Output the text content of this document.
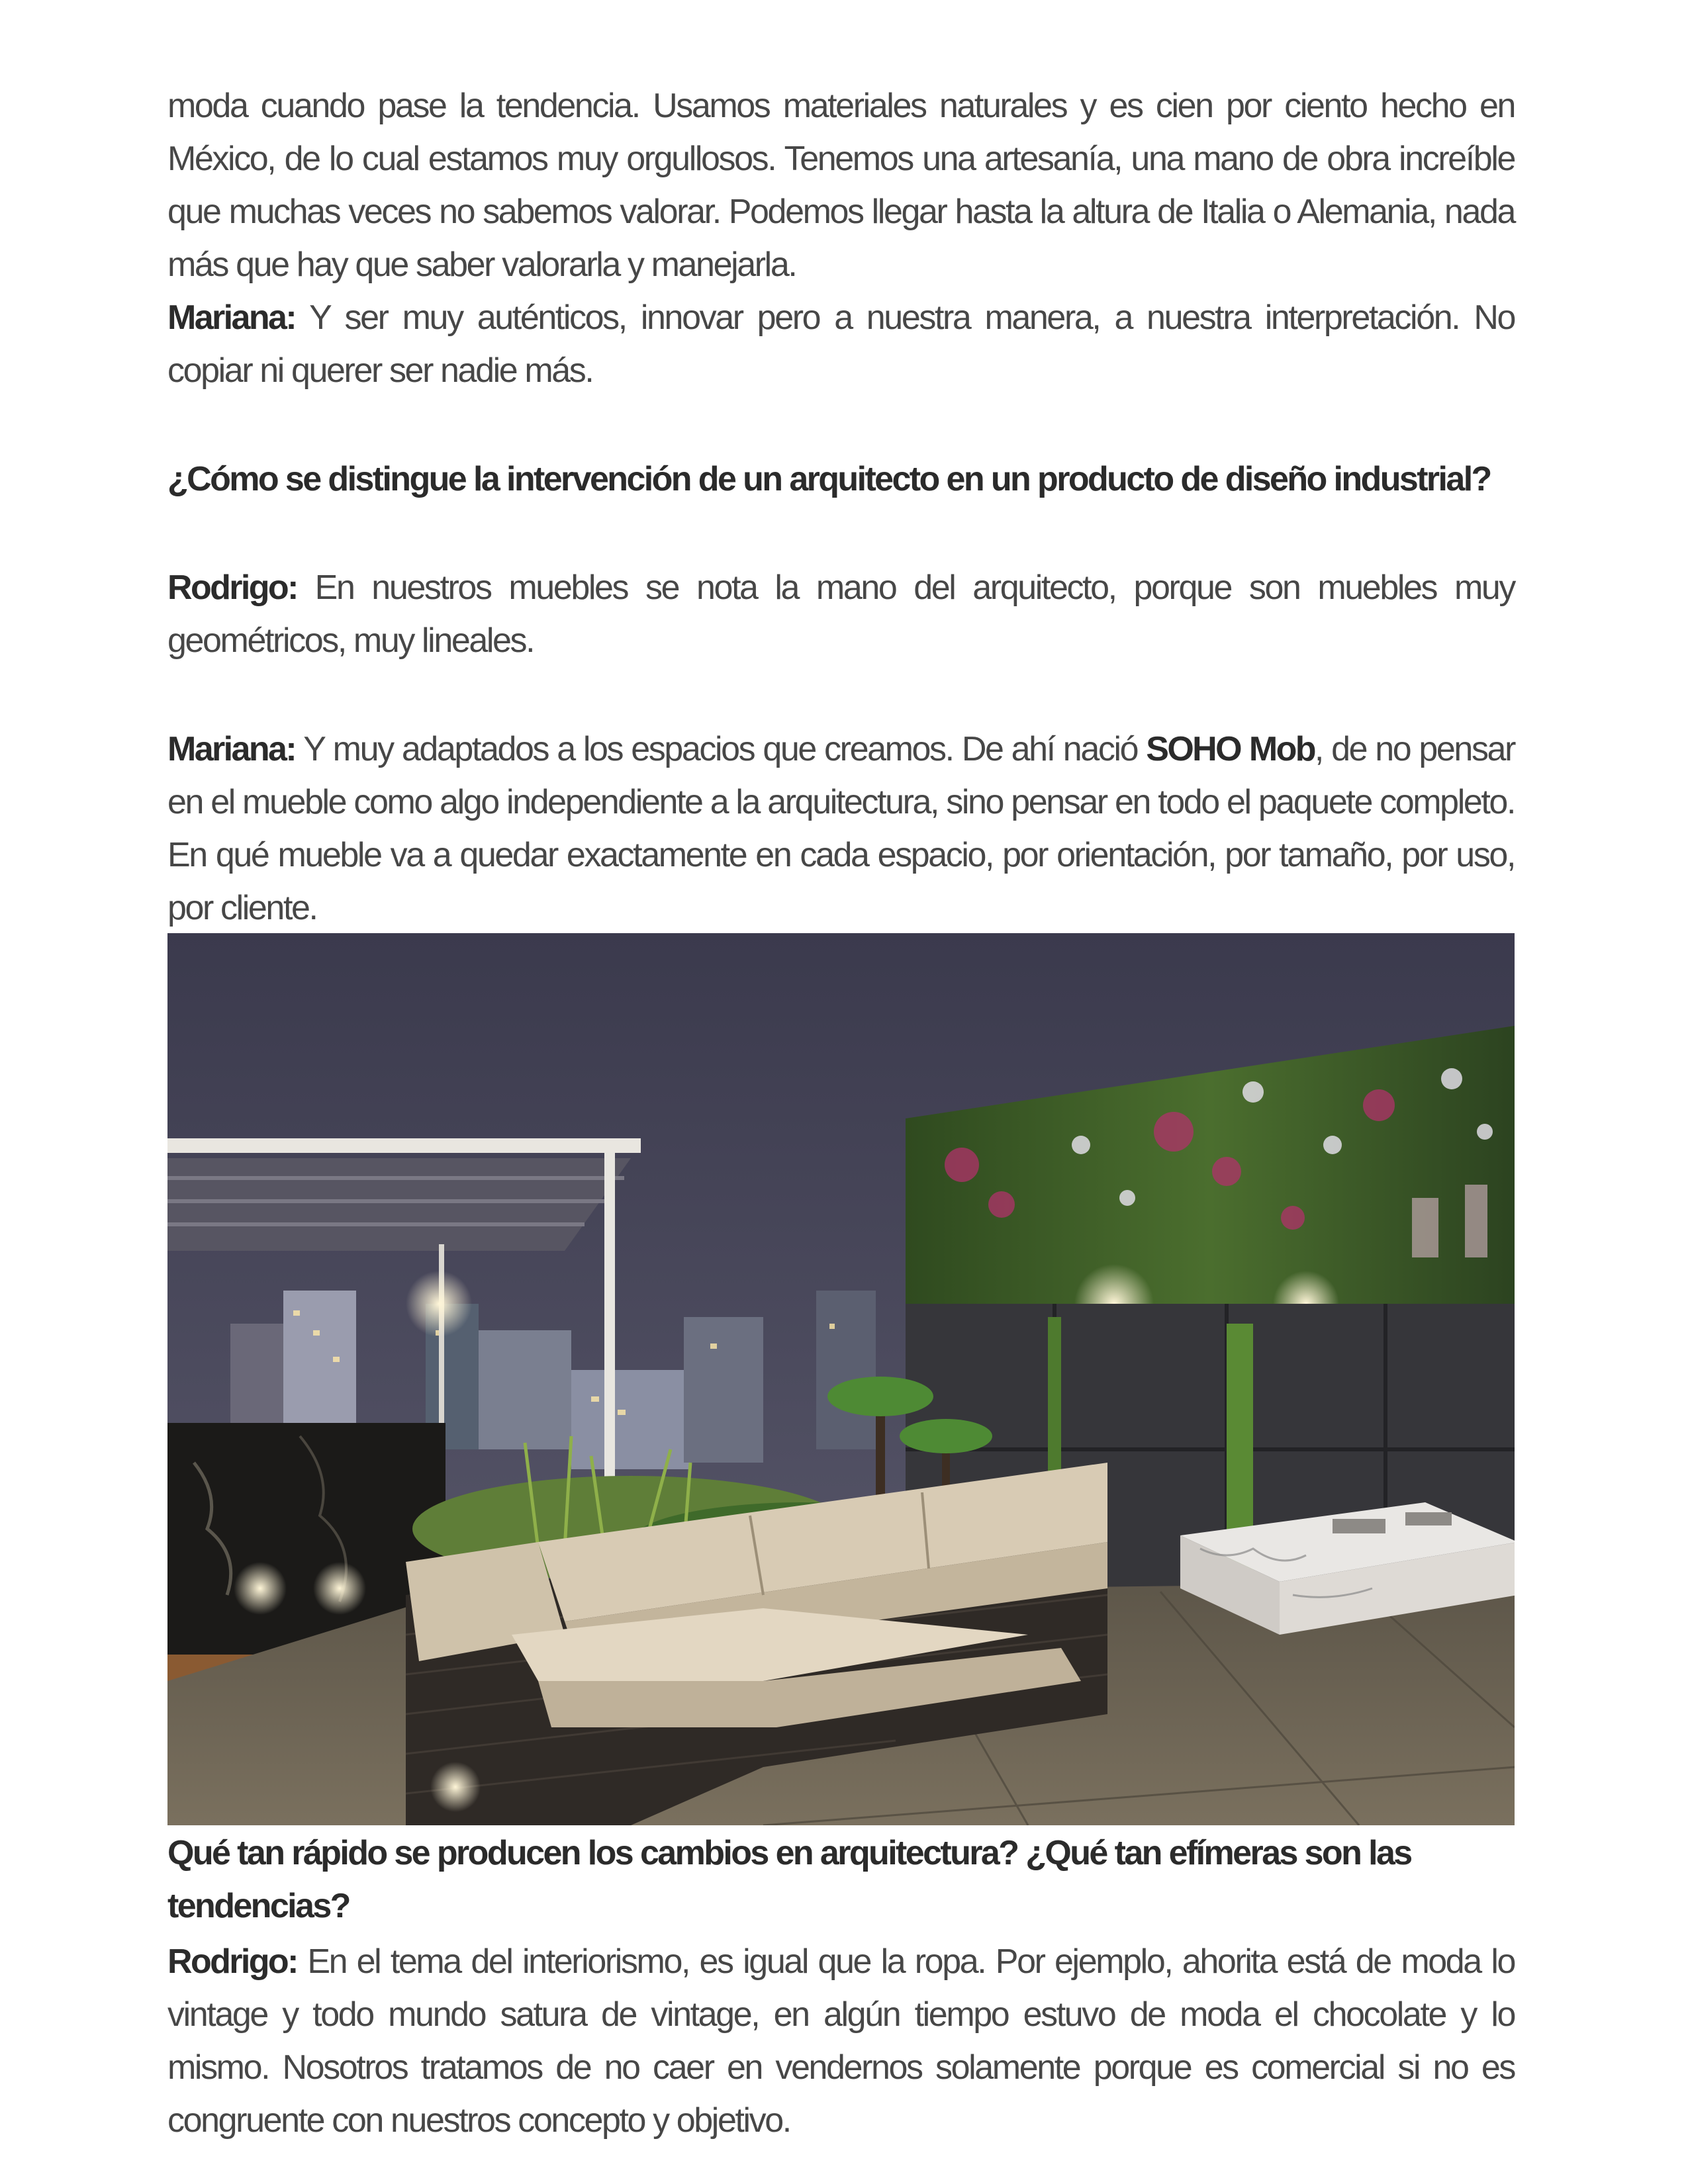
moda cuando pase la tendencia. Usamos materiales naturales y es cien por ciento hecho en México, de lo cual estamos muy orgullosos. Tenemos una artesanía, una mano de obra increíble que muchas veces no sabemos valorar. Podemos llegar hasta la altura de Italia o Alemania, nada más que hay que saber valorarla y manejarla.

Mariana: Y ser muy auténticos, innovar pero a nuestra manera, a nuestra interpretación. No copiar ni querer ser nadie más.

¿Cómo se distingue la intervención de un arquitecto en un producto de diseño industrial?

Rodrigo: En nuestros muebles se nota la mano del arquitecto, porque son muebles muy geométricos, muy lineales.

Mariana: Y muy adaptados a los espacios que creamos. De ahí nació SOHO Mob, de no pensar en el mueble como algo independiente a la arquitectura, sino pensar en todo el paquete completo. En qué mueble va a quedar exactamente en cada espacio, por orientación, por tamaño, por uso, por cliente.

Qué tan rápido se producen los cambios en arquitectura? ¿Qué tan efímeras son las tendencias?

Rodrigo: En el tema del interiorismo, es igual que la ropa. Por ejemplo, ahorita está de moda lo vintage y todo mundo satura de vintage, en algún tiempo estuvo de moda el chocolate y lo mismo. Nosotros tratamos de no caer en vendernos solamente porque es comercial si no es congruente con nuestros concepto y objetivo.
